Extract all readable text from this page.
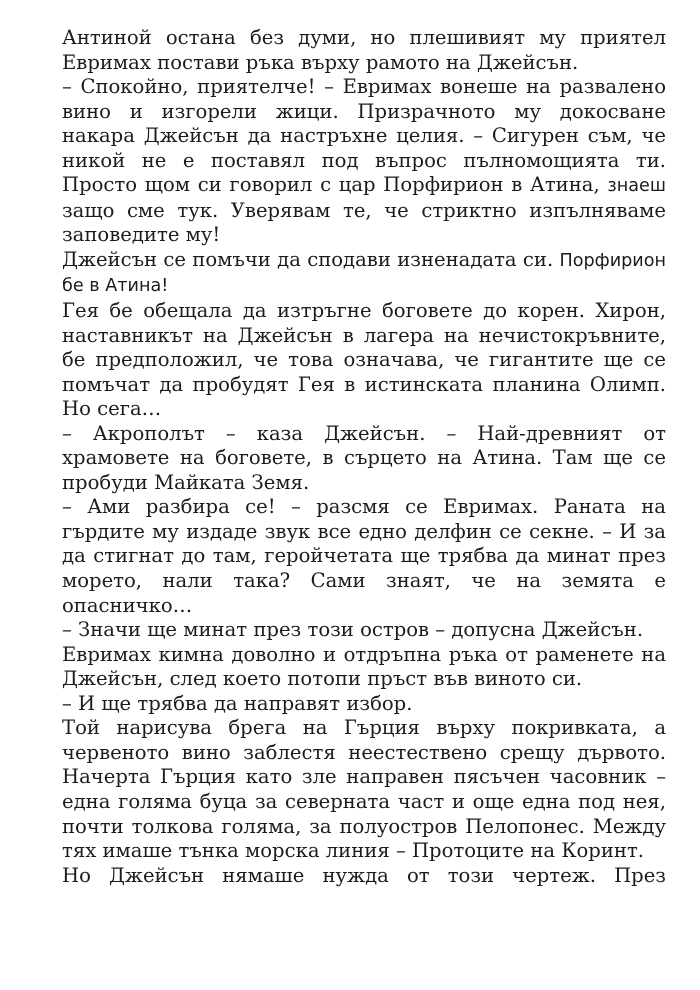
Антиной остана без думи, но плешивият му приятел Евримах постави ръка върху рамото на Джейсън.

– Спокойно, приятелче! – Евримах вонеше на развалено вино и изгорели жици. Призрачното му докосване накара Джейсън да настръхне целия. – Сигурен съм, че никой не е поставял под въпрос пълномощията ти. Просто щом си говорил с цар Порфирион в Атина, знаеш защо сме тук. Уверявам те, че стриктно изпълняваме заповедите му!

Джейсън се помъчи да сподави изненадата си. Порфирион бе в Атина!

Гея бе обещала да изтръгне боговете до корен. Хирон, наставникът на Джейсън в лагера на нечистокръвните, бе предположил, че това означава, че гигантите ще се помъчат да пробудят Гея в истинската планина Олимп. Но сега…

– Акрополът – каза Джейсън. – Най-древният от храмовете на боговете, в сърцето на Атина. Там ще се пробуди Майката Земя.

– Ами разбира се! – разсмя се Евримах. Раната на гърдите му издаде звук все едно делфин се секне. – И за да стигнат до там, геройчетата ще трябва да минат през морето, нали така? Сами знаят, че на земята е опасничко…

– Значи ще минат през този остров – допусна Джейсън.

Евримах кимна доволно и отдръпна ръка от раменете на Джейсън, след което потопи пръст във виното си.

– И ще трябва да направят избор.

Той нарисува брега на Гърция върху покривката, а червеното вино заблестя неестествено срещу дървото. Начерта Гърция като зле направен пясъчен часовник – една голяма буца за северната част и още една под нея, почти толкова голяма, за полуостров Пелопонес. Между тях имаше тънка морска линия – Протоците на Коринт.

Но Джейсън нямаше нужда от този чертеж. През
